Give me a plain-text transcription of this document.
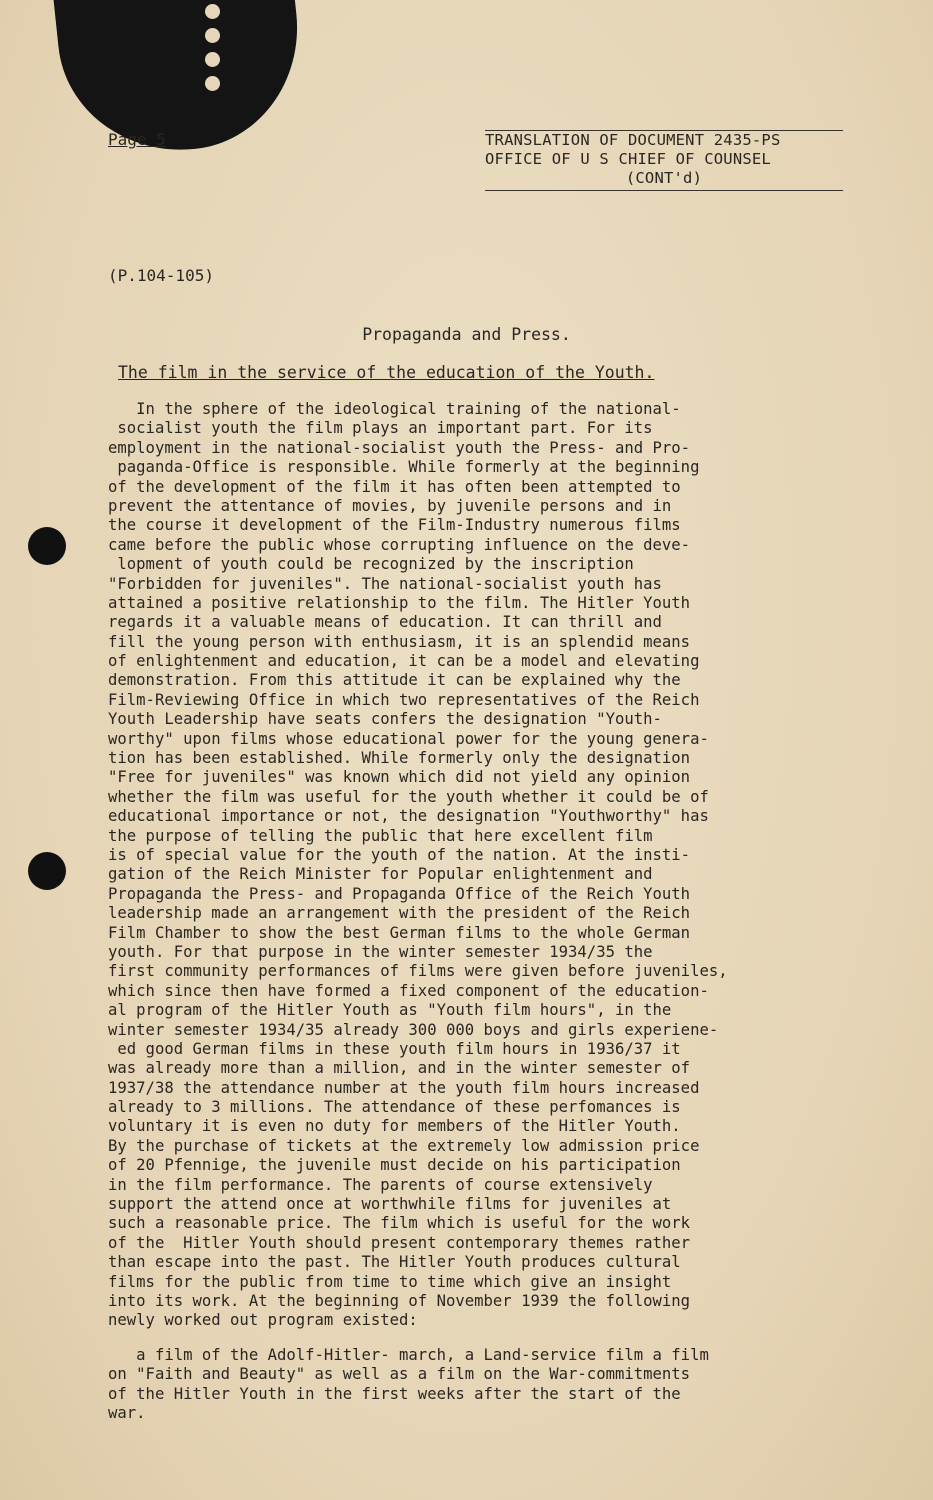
Page 5	TRANSLATION OF DOCUMENT 2435-PS
OFFICE OF U S CHIEF OF COUNSEL
(CONT'd)
(P.104-105)
Propaganda and Press.
The film in the service of the education of the Youth.
In the sphere of the ideological training of the national-
socialist youth the film plays an important part. For its
employment in the national-socialist youth the Press- and Pro-
paganda-Office is responsible. While formerly at the beginning
of the development of the film it has often been attempted to
prevent the attentance of movies, by juvenile persons and in
the course it development of the Film-Industry numerous films
came before the public whose corrupting influence on the deve-
lopment of youth could be recognized by the inscription
"Forbidden for juveniles". The national-socialist youth has
attained a positive relationship to the film. The Hitler Youth
regards it a valuable means of education. It can thrill and
fill the young person with enthusiasm, it is an splendid means
of enlightenment and education, it can be a model and elevating
demonstration. From this attitude it can be explained why the
Film-Reviewing Office in which two representatives of the Reich
Youth Leadership have seats confers the designation "Youth-
worthy" upon films whose educational power for the young genera-
tion has been established. While formerly only the designation
"Free for juveniles" was known which did not yield any opinion
whether the film was useful for the youth whether it could be of
educational importance or not, the designation "Youthworthy" has
the purpose of telling the public that here excellent film
is of special value for the youth of the nation. At the insti-
gation of the Reich Minister for Popular enlightenment and
Propaganda the Press- and Propaganda Office of the Reich Youth
leadership made an arrangement with the president of the Reich
Film Chamber to show the best German films to the whole German
youth. For that purpose in the winter semester 1934/35 the
first community performances of films were given before juveniles,
which since then have formed a fixed component of the education-
al program of the Hitler Youth as "Youth film hours", in the
winter semester 1934/35 already 300 000 boys and girls experiene-
ed good German films in these youth film hours in 1936/37 it
was already more than a million, and in the winter semester of
1937/38 the attendance number at the youth film hours increased
already to 3 millions. The attendance of these perfomances is
voluntary it is even no duty for members of the Hitler Youth.
By the purchase of tickets at the extremely low admission price
of 20 Pfennige, the juvenile must decide on his participation
in the film performance. The parents of course extensively
support the attend once at worthwhile films for juveniles at
such a reasonable price. The film which is useful for the work
of the  Hitler Youth should present contemporary themes rather
than escape into the past. The Hitler Youth produces cultural
films for the public from time to time which give an insight
into its work. At the beginning of November 1939 the following
newly worked out program existed:
a film of the Adolf-Hitler- march, a Land-service film a film
on "Faith and Beauty" as well as a film on the War-commitments
of the Hitler Youth in the first weeks after the start of the
war.
